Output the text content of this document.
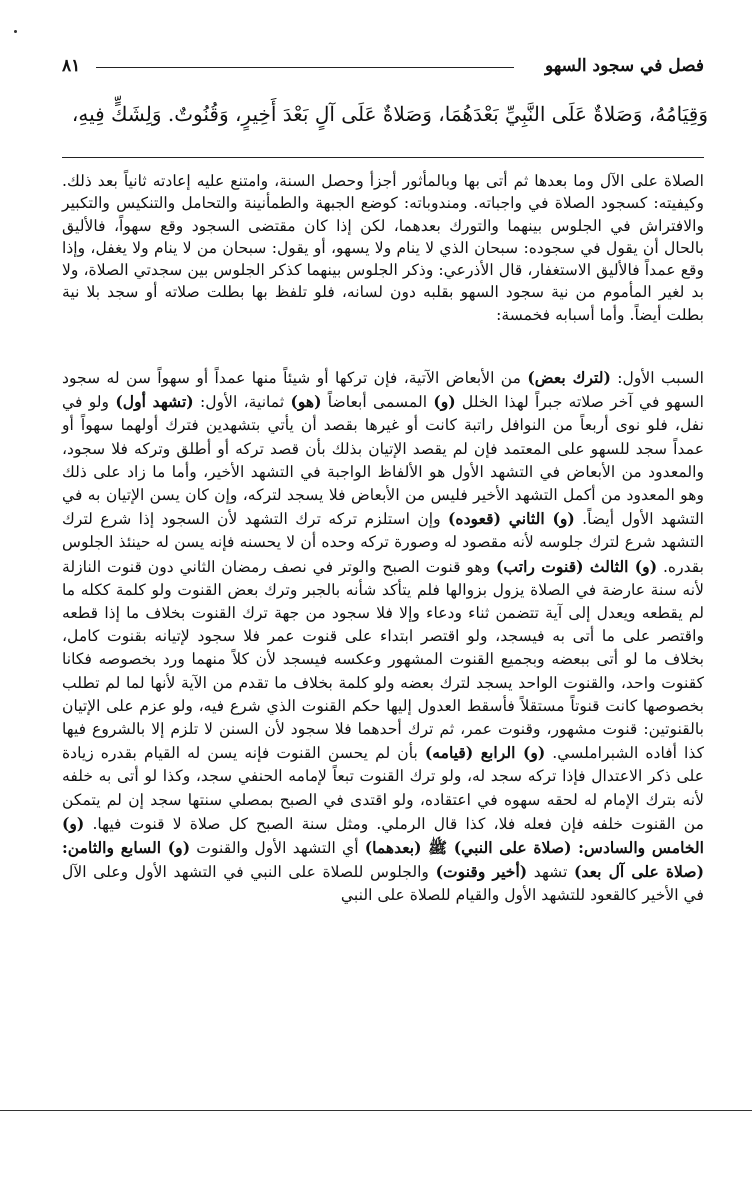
فصل في سجود السهو
٨١
وَقِيَامُهُ، وَصَلاةٌ عَلَى النَّبِيِّ بَعْدَهُمَا، وَصَلاةٌ عَلَى آلٍ بَعْدَ أَخِيرٍ، وَقُنُوتٌ. وَلِشَكٍّ فِيهِ،

الصلاة على الآل وما بعدها ثم أتى بها وبالمأثور أجزأ وحصل السنة، وامتنع عليه إعادته ثانياً بعد ذلك. وكيفيته: كسجود الصلاة في واجباته. ومندوباته: كوضع الجبهة والطمأنينة والتحامل والتنكيس والتكبير والافتراش في الجلوس بينهما والتورك بعدهما، لكن إذا كان مقتضى السجود وقع سهواً، فالأليق بالحال أن يقول في سجوده: سبحان الذي لا ينام ولا يسهو، أو يقول: سبحان من لا ينام ولا يغفل، وإذا وقع عمداً فالأليق الاستغفار، قال الأذرعي: وذكر الجلوس بينهما كذكر الجلوس بين سجدتي الصلاة، ولا بد لغير المأموم من نية سجود السهو بقلبه دون لسانه، فلو تلفظ بها بطلت صلاته أو سجد بلا نية بطلت أيضاً. وأما أسبابه فخمسة:

السبب الأول: (لترك بعض) من الأبعاض الآتية، فإن تركها أو شيئاً منها عمداً أو سهواً سن له سجود السهو في آخر صلاته جبراً لهذا الخلل (و) المسمى أبعاضاً (هو) ثمانية، الأول: (تشهد أول) ولو في نفل، فلو نوى أربعاً من النوافل راتبة كانت أو غيرها بقصد أن يأتي بتشهدين فترك أولهما سهواً أو عمداً سجد للسهو على المعتمد فإن لم يقصد الإتيان بذلك بأن قصد تركه أو أطلق وتركه فلا سجود، والمعدود من الأبعاض في التشهد الأول هو الألفاظ الواجبة في التشهد الأخير، وأما ما زاد على ذلك وهو المعدود من أكمل التشهد الأخير فليس من الأبعاض فلا يسجد لتركه، وإن كان يسن الإتيان به في التشهد الأول أيضاً. (و) الثاني (قعوده) وإن استلزم تركه ترك التشهد لأن السجود إذا شرع لترك التشهد شرع لترك جلوسه لأنه مقصود له وصورة تركه وحده أن لا يحسنه فإنه يسن له حينئذ الجلوس بقدره. (و) الثالث (قنوت راتب) وهو قنوت الصبح والوتر في نصف رمضان الثاني دون قنوت النازلة لأنه سنة عارضة في الصلاة يزول بزوالها فلم يتأكد شأنه بالجبر وترك بعض القنوت ولو كلمة ككله ما لم يقطعه ويعدل إلى آية تتضمن ثناء ودعاء وإلا فلا سجود من جهة ترك القنوت بخلاف ما إذا قطعه واقتصر على ما أتى به فيسجد، ولو اقتصر ابتداء على قنوت عمر فلا سجود لإتيانه بقنوت كامل، بخلاف ما لو أتى ببعضه وبجميع القنوت المشهور وعكسه فيسجد لأن كلاً منهما ورد بخصوصه فكانا كقنوت واحد، والقنوت الواحد يسجد لترك بعضه ولو كلمة بخلاف ما تقدم من الآية لأنها لما لم تطلب بخصوصها كانت قنوتاً مستقلاً فأسقط العدول إليها حكم القنوت الذي شرع فيه، ولو عزم على الإتيان بالقنوتين: قنوت مشهور، وقنوت عمر، ثم ترك أحدهما فلا سجود لأن السنن لا تلزم إلا بالشروع فيها كذا أفاده الشبراملسي. (و) الرابع (قيامه) بأن لم يحسن القنوت فإنه يسن له القيام بقدره زيادة على ذكر الاعتدال فإذا تركه سجد له، ولو ترك القنوت تبعاً لإمامه الحنفي سجد، وكذا لو أتى به خلفه لأنه بترك الإمام له لحقه سهوه في اعتقاده، ولو اقتدى في الصبح بمصلي سنتها سجد إن لم يتمكن من القنوت خلفه فإن فعله فلا، كذا قال الرملي. ومثل سنة الصبح كل صلاة لا قنوت فيها. (و) الخامس والسادس: (صلاة على النبي) ﷺ (بعدهما) أي التشهد الأول والقنوت (و) السابع والثامن: (صلاة على آل بعد) تشهد (أخير وقنوت) والجلوس للصلاة على النبي في التشهد الأول وعلى الآل في الأخير كالقعود للتشهد الأول والقيام للصلاة على النبي
